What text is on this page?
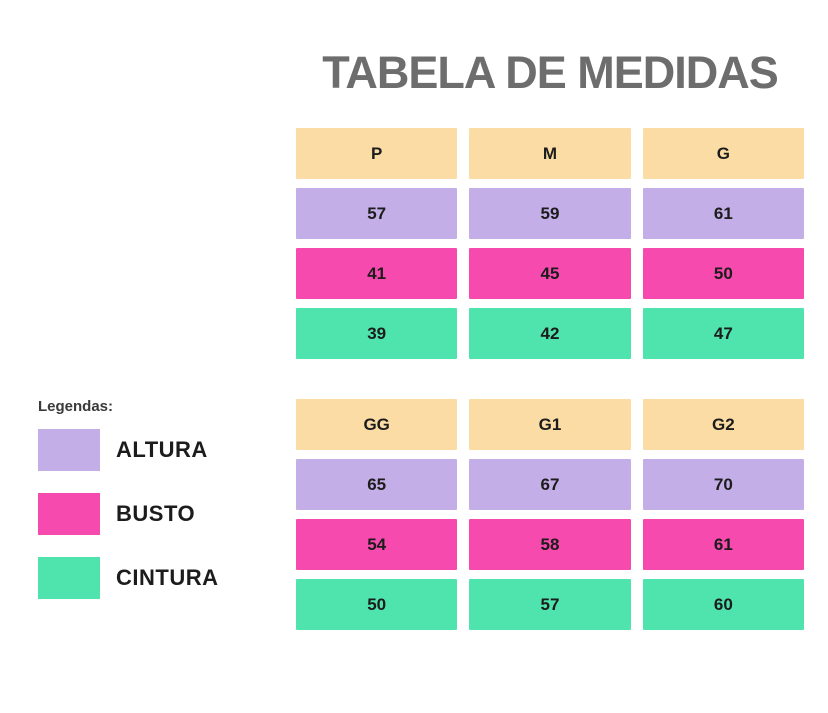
TABELA DE MEDIDAS
P	M	G
57	59	61
41	45	50
39	42	47
GG	G1	G2
65	67	70
54	58	61
50	57	60
Legendas:
ALTURA
BUSTO
CINTURA
